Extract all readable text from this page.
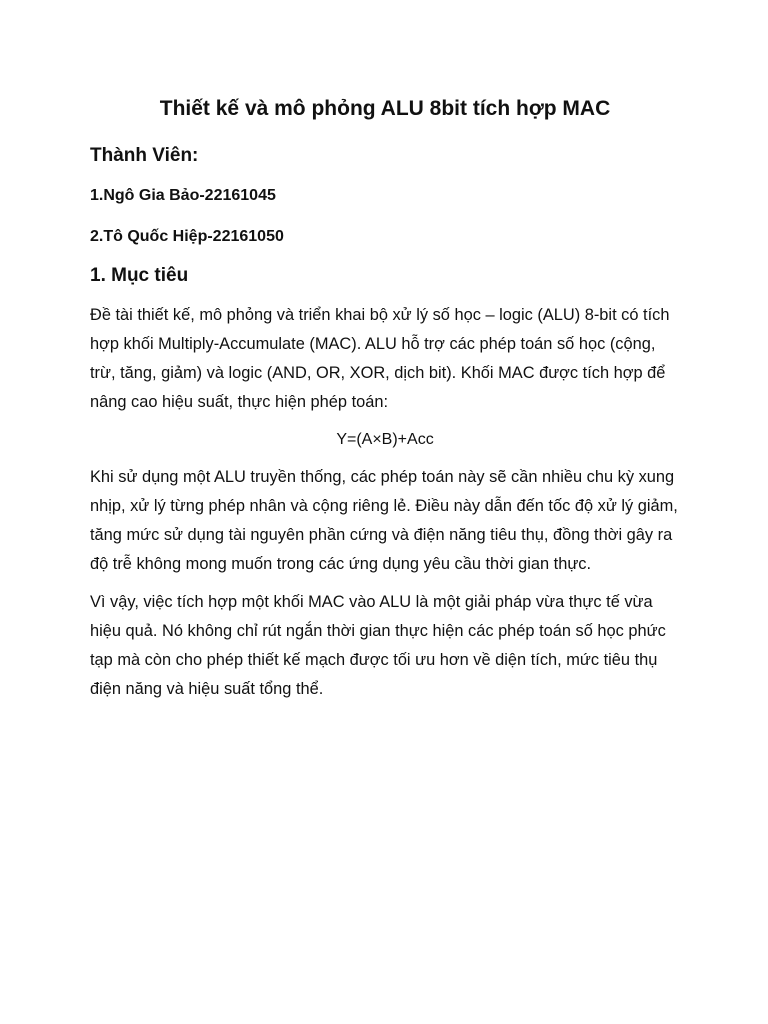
Thiết kế và mô phỏng ALU 8bit tích hợp MAC
Thành Viên:

1.Ngô Gia Bảo-22161045

2.Tô Quốc Hiệp-22161050

1. Mục tiêu

Đề tài thiết kế, mô phỏng và triển khai bộ xử lý số học – logic (ALU) 8-bit có tích hợp khối Multiply-Accumulate (MAC). ALU hỗ trợ các phép toán số học (cộng, trừ, tăng, giảm) và logic (AND, OR, XOR, dịch bit). Khối MAC được tích hợp để nâng cao hiệu suất, thực hiện phép toán:

Y=(A×B)+Acc

Khi sử dụng một ALU truyền thống, các phép toán này sẽ cần nhiều chu kỳ xung nhịp, xử lý từng phép nhân và cộng riêng lẻ. Điều này dẫn đến tốc độ xử lý giảm, tăng mức sử dụng tài nguyên phần cứng và điện năng tiêu thụ, đồng thời gây ra độ trễ không mong muốn trong các ứng dụng yêu cầu thời gian thực.

Vì vậy, việc tích hợp một khối MAC vào ALU là một giải pháp vừa thực tế vừa hiệu quả. Nó không chỉ rút ngắn thời gian thực hiện các phép toán số học phức tạp mà còn cho phép thiết kế mạch được tối ưu hơn về diện tích, mức tiêu thụ điện năng và hiệu suất tổng thể.
